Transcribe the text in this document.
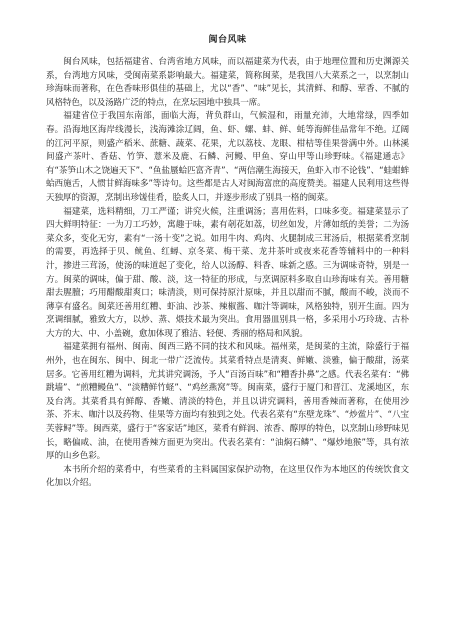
闽台风味

闽台风味，包括福建省、台湾省地方风味，而以福建菜为代表，由于地理位置和历史渊源关系，台湾地方风味，受闽南菜系影响最大。福建菜，简称闽菜，是我国八大菜系之一，以烹制山珍海味而著称，在色香味形俱佳的基础上，尤以“香”、“味”见长，其清鲜、和醇、荤香、不腻的风格特色，以及汤路广泛的特点，在烹坛园地中独具一席。

福建省位于我国东南部，面临大海，背负群山，气候湿和，雨量充沛，大地常绿，四季如春。沿海地区海岸线漫长，浅海滩涂辽阔，鱼、虾、螺、蚌、鲜、蚝等海鲜佳品常年不绝。辽阔的江河平原，则盛产稻米、蔗糖、蔬菜、花果，尤以荔枝、龙眼、柑桔等佳果誉满中外。山林溪间盛产茶叶、香菇、竹笋、薏米及鹿、石鳞、河鳗、甲鱼、穿山甲等山珍野味。《福建通志》有“茶笋山木之饶遍天下”、“鱼盐蜃蛤匹富齐青”、“两信潮生海接天，鱼虾入市不论钱”、“蛙蚶蛑蛤西施舌，人惯甘鲜海味多”等诗句。这些都是古人对闽海富庶的高度赞美。福建人民利用这些得天独厚的资源，烹制出珍馐佳肴，脍炙人口，并逐步形成了别具一格的闽菜。

福建菜，选料精细，刀工严谨；讲究火候，注重调汤；喜用佐料，口味多变。福建菜显示了四大鲜明特征：一为刀工巧妙，寓趣于味，素有剞花如荔，切丝如发，片薄如纸的美誉；二为汤菜众多，变化无穷，素有“一汤十变”之说。如用牛肉、鸡肉、火腿制成三茸汤后，根据菜肴烹制的需要，再选择于贝、鱿鱼、红蟳、京冬菜、梅干菜、龙井茶叶或夜来花香等辅料中的一种料汁，掺进三茸汤，使汤的味道起了变化，给人以汤醇、料香、味新之感。三为调味奇特，别是一方。闽菜的调味，偏于甜、酸、淡，这一特征的形成，与烹调原料多取自山珍海味有关。善用糖甜去腥膻；巧用醋酸甜爽口；味清淡，则可保持原汁原味，并且以甜而不腻，酸而不峻，淡而不薄享有盛名。闽菜还善用红糟、虾油、沙茶、辣椒酱、咖汁等调味，风格独特，别开生面。四为烹调细腻，雅致大方，以炒、蒸、煨技术最为突出。食用器皿别具一格，多采用小巧玲珑、古朴大方的大、中、小盖碗，愈加体现了雅洁、轻便、秀丽的格局和风貌。

福建菜拥有福州、闽南、闽西三路不同的技术和风味。福州菜，是闽菜的主流，除盛行于福州外，也在闽东、闽中、闽北一带广泛流传。其菜肴特点是清爽、鲜嫩、淡雅，偏于酸甜，汤菜居多。它善用红糟为调料，尤其讲究调汤，予人“百汤百味”和“糟香扑鼻”之感。代表名菜有：“佛跳墙”、“煎糟鳗鱼”、“淡糟鲜竹蛏”、“鸡丝燕窝”等。闽南菜，盛行于厦门和晋江、龙溪地区，东及台湾。其菜肴具有鲜醇、香嫩、清淡的特色，并且以讲究调料，善用香辣而著称，在使用沙茶、芥末、咖汁以及药物、佳果等方面均有独到之处。代表名菜有“东壁龙珠”、“炒鲎片”、“八宝芙蓉鲟”等。闽西菜，盛行于“客家话”地区，菜肴有鲜润、浓香、醇厚的特色，以烹制山珍野味见长，略偏咸、油，在使用香辣方面更为突出。代表名菜有：“油焖石鳞”、“爆炒地猴”等，具有浓厚的山乡色彩。

本书所介绍的菜肴中，有些菜肴的主料属国家保护动物，在这里仅作为本地区的传统饮食文化加以介绍。
